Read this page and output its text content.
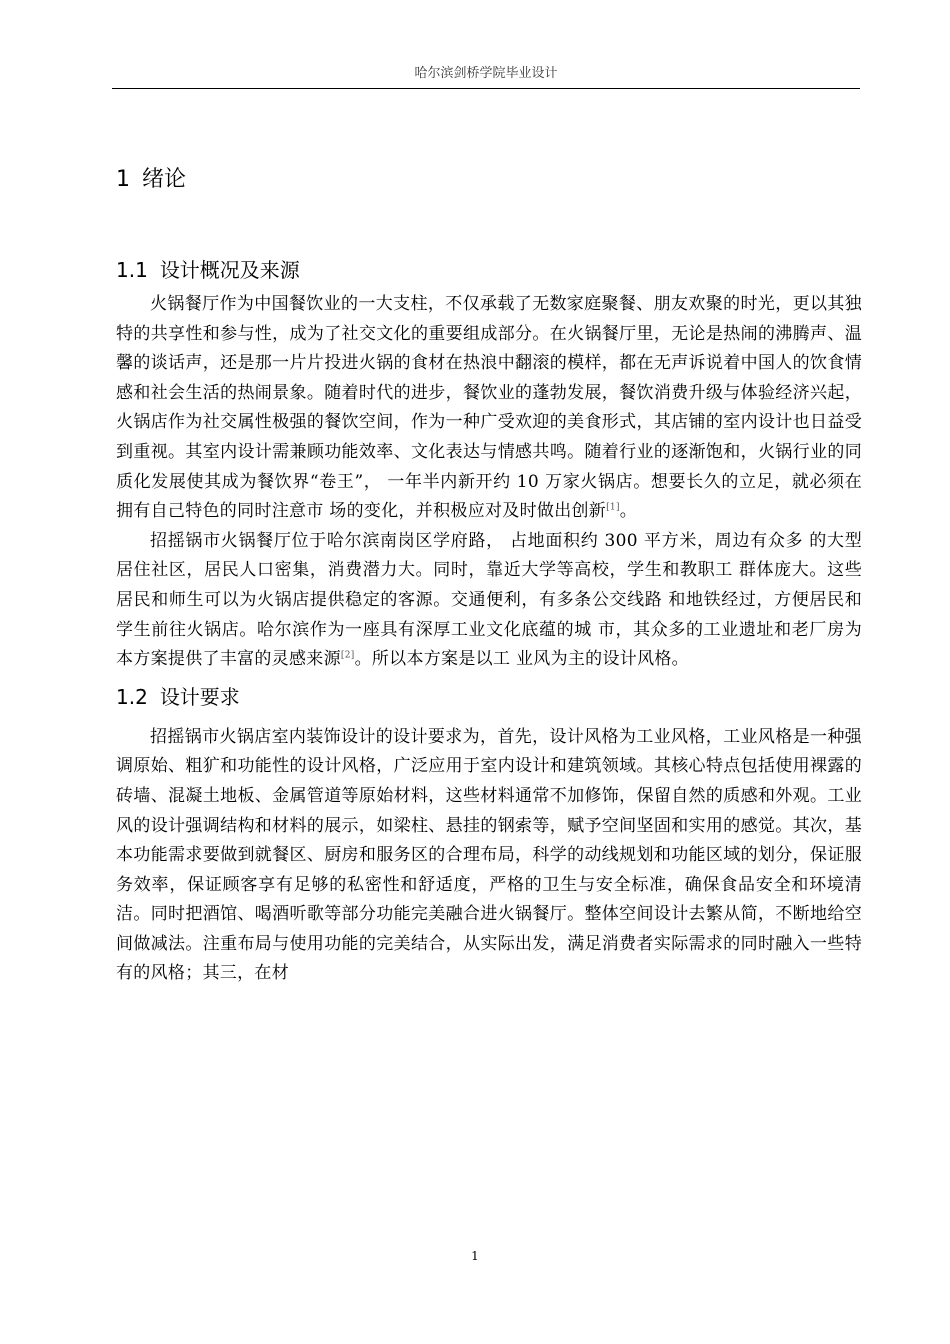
哈尔滨剑桥学院毕业设计
1 绪论
1.1 设计概况及来源

火锅餐厅作为中国餐饮业的一大支柱，不仅承载了无数家庭聚餐、朋友欢聚的时光，更以其独特的共享性和参与性，成为了社交文化的重要组成部分。在火锅餐厅里，无论是热闹的沸腾声、温馨的谈话声，还是那一片片投进火锅的食材在热浪中翻滚的模样，都在无声诉说着中国人的饮食情感和社会生活的热闹景象。随着时代的进步，餐饮业的蓬勃发展，餐饮消费升级与体验经济兴起，火锅店作为社交属性极强的餐饮空间，作为一种广受欢迎的美食形式，其店铺的室内设计也日益受到重视。其室内设计需兼顾功能效率、文化表达与情感共鸣。随着行业的逐渐饱和，火锅行业的同质化发展使其成为餐饮界“卷王”， 一年半内新开约 10 万家火锅店。想要长久的立足，就必须在拥有自己特色的同时注意市 场的变化，并积极应对及时做出创新[1]。

招摇锅市火锅餐厅位于哈尔滨南岗区学府路， 占地面积约 300 平方米，周边有众多 的大型居住社区，居民人口密集，消费潜力大。同时，靠近大学等高校，学生和教职工 群体庞大。这些居民和师生可以为火锅店提供稳定的客源。交通便利，有多条公交线路 和地铁经过，方便居民和学生前往火锅店。哈尔滨作为一座具有深厚工业文化底蕴的城 市，其众多的工业遗址和老厂房为本方案提供了丰富的灵感来源[2]。所以本方案是以工 业风为主的设计风格。

1.2 设计要求

招摇锅市火锅店室内装饰设计的设计要求为，首先，设计风格为工业风格，工业风格是一种强调原始、粗犷和功能性的设计风格，广泛应用于室内设计和建筑领域。其核心特点包括使用裸露的砖墙、混凝土地板、金属管道等原始材料，这些材料通常不加修饰，保留自然的质感和外观。工业风的设计强调结构和材料的展示，如梁柱、悬挂的钢索等，赋予空间坚固和实用的感觉。其次，基本功能需求要做到就餐区、厨房和服务区的合理布局，科学的动线规划和功能区域的划分，保证服务效率，保证顾客享有足够的私密性和舒适度，严格的卫生与安全标准，确保食品安全和环境清洁。同时把酒馆、喝酒听歌等部分功能完美融合进火锅餐厅。整体空间设计去繁从简，不断地给空间做减法。注重布局与使用功能的完美结合，从实际出发，满足消费者实际需求的同时融入一些特有的风格；其三，在材

1
